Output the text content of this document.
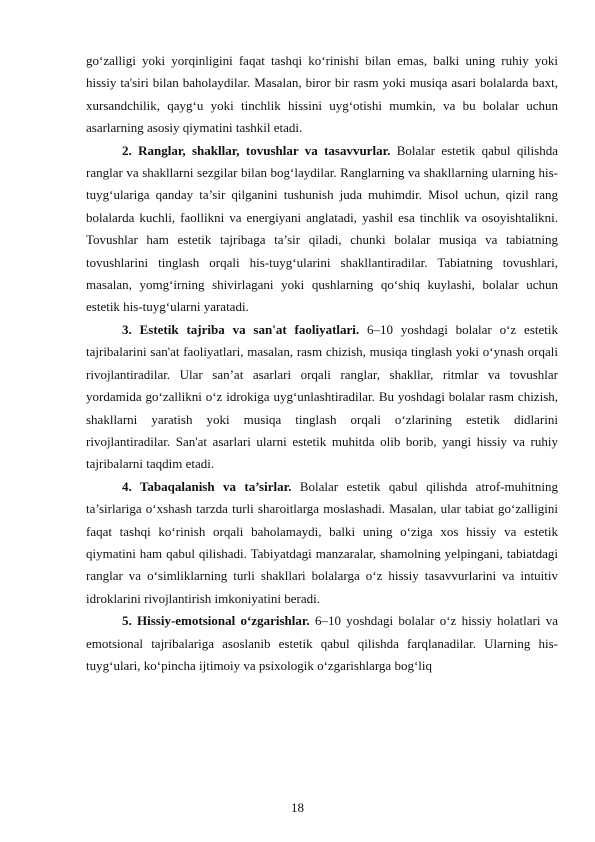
go‘zalligi yoki yorqinligini faqat tashqi ko‘rinishi bilan emas, balki uning ruhiy yoki hissiy ta'siri bilan baholaydilar. Masalan, biror bir rasm yoki musiqa asari bolalarda baxt, xursandchilik, qayg‘u yoki tinchlik hissini uyg‘otishi mumkin, va bu bolalar uchun asarlarning asosiy qiymatini tashkil etadi.

2. Ranglar, shakllar, tovushlar va tasavvurlar. Bolalar estetik qabul qilishda ranglar va shakllarni sezgilar bilan bog‘laydilar. Ranglarning va shakllarning ularning his-tuyg‘ulariga qanday ta’sir qilganini tushunish juda muhimdir. Misol uchun, qizil rang bolalarda kuchli, faollikni va energiyani anglatadi, yashil esa tinchlik va osoyishtalikni. Tovushlar ham estetik tajribaga ta’sir qiladi, chunki bolalar musiqa va tabiatning tovushlarini tinglash orqali his-tuyg‘ularini shakllantiradilar. Tabiatning tovushlari, masalan, yomg‘irning shivirlagani yoki qushlarning qo‘shiq kuylashi, bolalar uchun estetik his-tuyg‘ularni yaratadi.

3. Estetik tajriba va san'at faoliyatlari. 6–10 yoshdagi bolalar o‘z estetik tajribalarini san'at faoliyatlari, masalan, rasm chizish, musiqa tinglash yoki o‘ynash orqali rivojlantiradilar. Ular san’at asarlari orqali ranglar, shakllar, ritmlar va tovushlar yordamida go‘zallikni o‘z idrokiga uyg‘unlashtiradilar. Bu yoshdagi bolalar rasm chizish, shakllarni yaratish yoki musiqa tinglash orqali o‘zlarining estetik didlarini rivojlantiradilar. San'at asarlari ularni estetik muhitda olib borib, yangi hissiy va ruhiy tajribalarni taqdim etadi.

4. Tabaqalanish va ta’sirlar. Bolalar estetik qabul qilishda atrof-muhitning ta’sirlariga o‘xshash tarzda turli sharoitlarga moslashadi. Masalan, ular tabiat go‘zalligini faqat tashqi ko‘rinish orqali baholamaydi, balki uning o‘ziga xos hissiy va estetik qiymatini ham qabul qilishadi. Tabiyatdagi manzaralar, shamolning yelpingani, tabiatdagi ranglar va o‘simliklarning turli shakllari bolalarga o‘z hissiy tasavvurlarini va intuitiv idroklarini rivojlantirish imkoniyatini beradi.

5. Hissiy-emotsional o‘zgarishlar. 6–10 yoshdagi bolalar o‘z hissiy holatlari va emotsional tajribalariga asoslanib estetik qabul qilishda farqlanadilar. Ularning his-tuyg‘ulari, ko‘pincha ijtimoiy va psixologik o‘zgarishlarga bog‘liq

18
